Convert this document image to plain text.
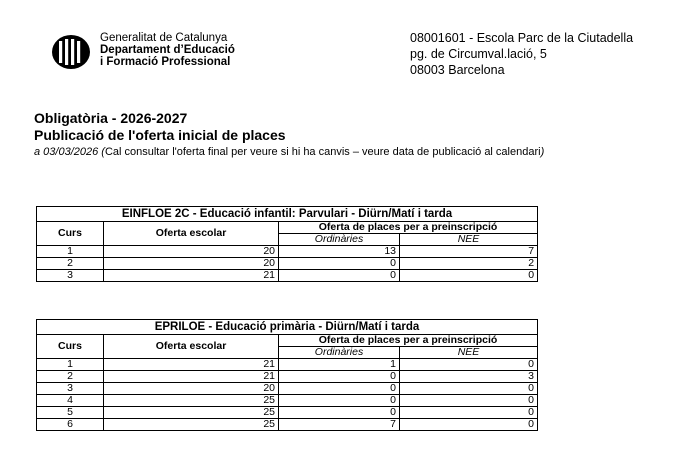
Generalitat de Catalunya
Departament d’Educació
i Formació Professional
08001601 - Escola Parc de la Ciutadella
pg. de Circumval.lació, 5
08003 Barcelona
Obligatòria - 2026-2027
Publicació de l'oferta inicial de places
a 03/03/2026 (Cal consultar l'oferta final per veure si hi ha canvis – veure data de publicació al calendari)
EINFLOE 2C - Educació infantil: Parvulari - Diürn/Matí i tarda			
Curs	Oferta escolar	Oferta de places per a preinscripció	
		Ordinàries	NEE
1	20	13	7
2	20	0	2
3	21	0	0
EPRILOE - Educació primària - Diürn/Matí i tarda			
Curs	Oferta escolar	Oferta de places per a preinscripció	
		Ordinàries	NEE
1	21	1	0
2	21	0	3
3	20	0	0
4	25	0	0
5	25	0	0
6	25	7	0
